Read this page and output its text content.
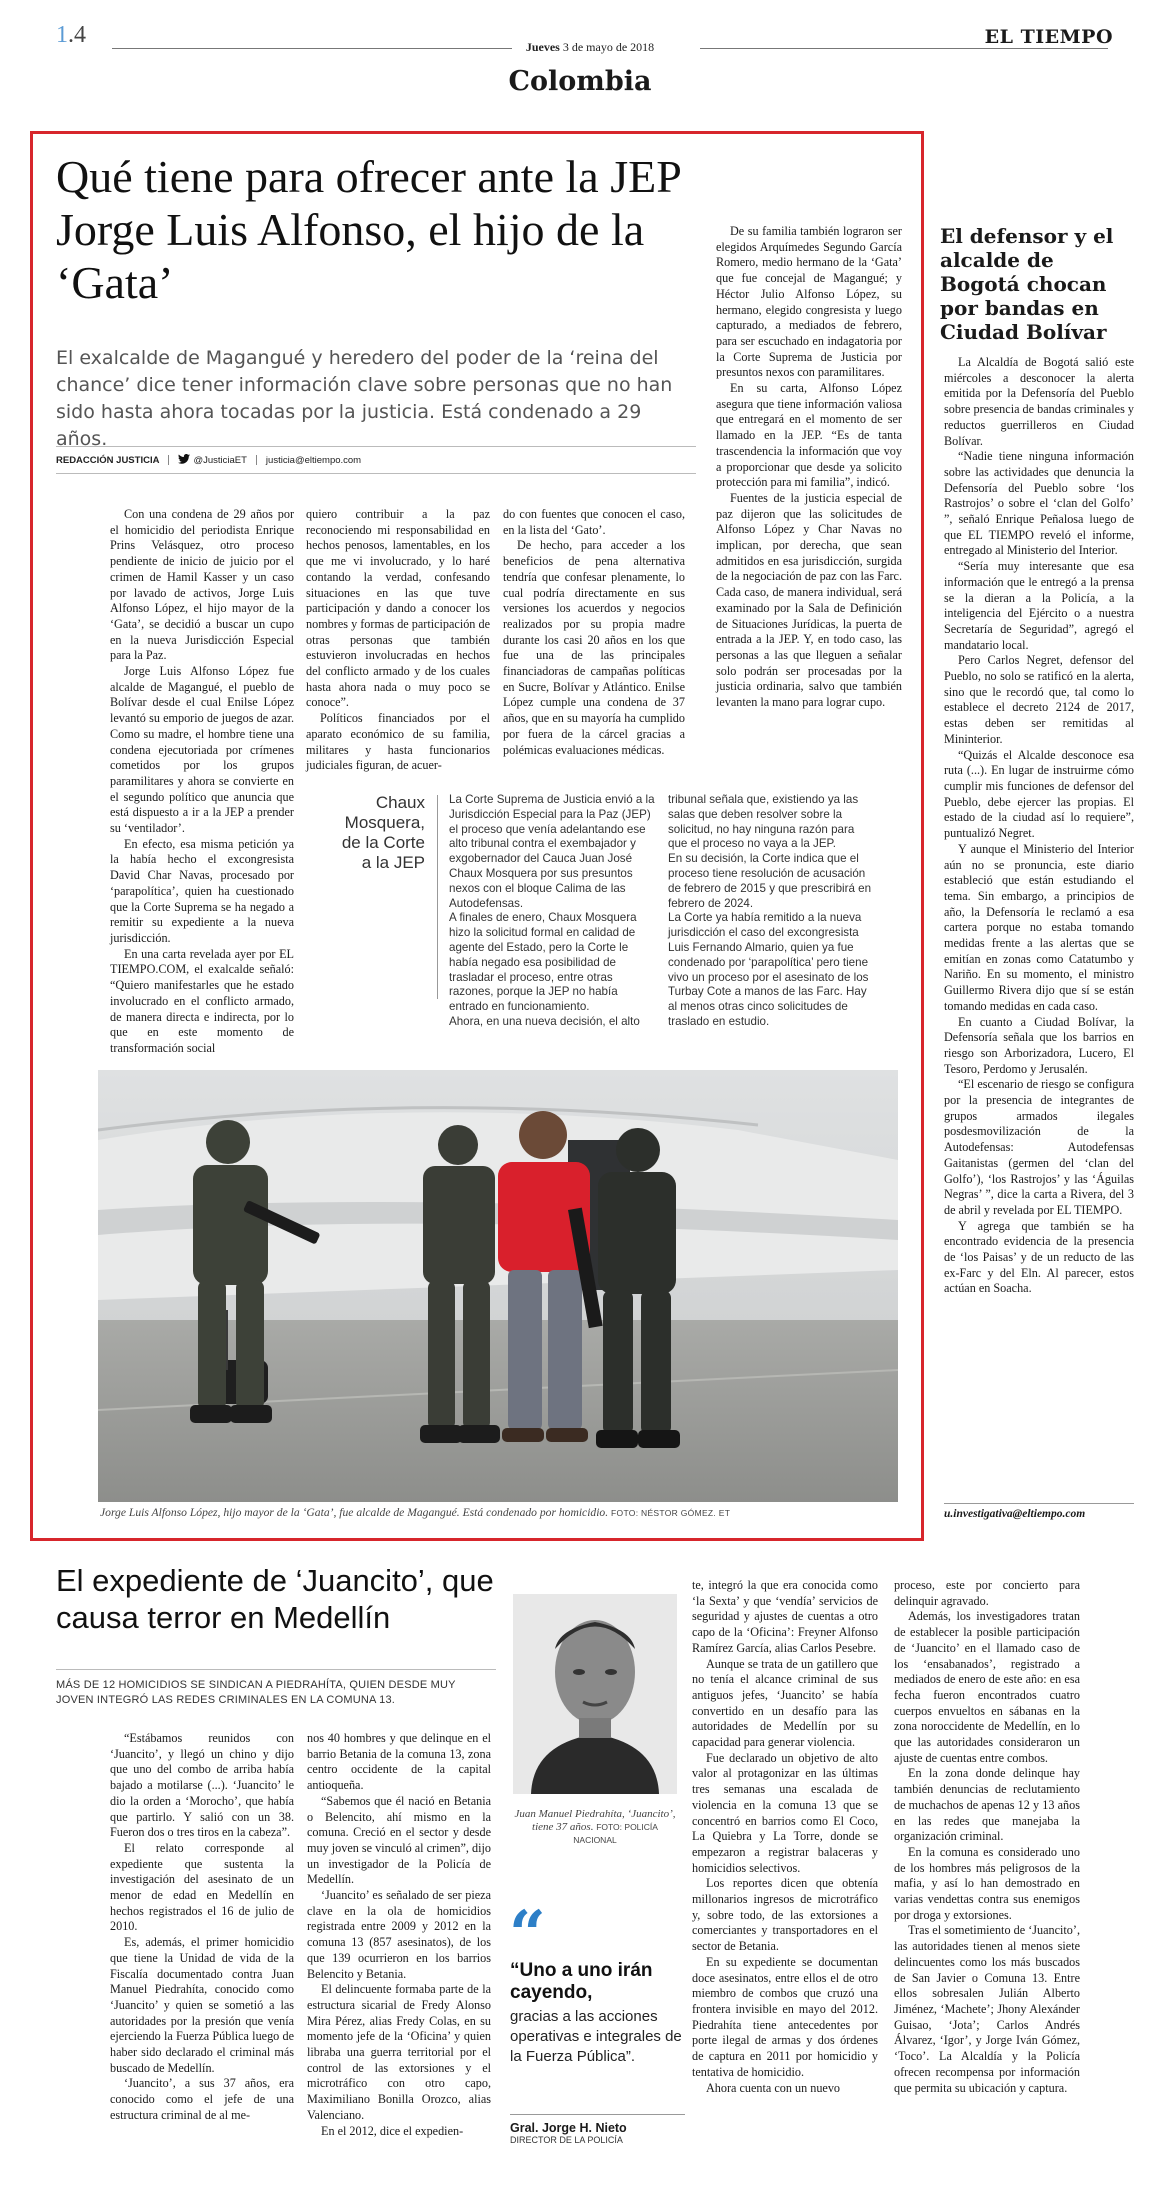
1.4	Jueves 3 de mayo de 2018	EL TIEMPO
Colombia
Qué tiene para ofrecer ante la JEP Jorge Luis Alfonso, el hijo de la ‘Gata’
El exalcalde de Magangué y heredero del poder de la ‘reina del chance’ dice tener información clave sobre personas que no han sido hasta ahora tocadas por la justicia. Está condenado a 29 años.
REDACCIÓN JUSTICIA	@JusticiaET justicia@eltiempo.com

Con una condena de 29 años por el homicidio del periodista Enrique Prins Velásquez, otro proceso pendiente de inicio de juicio por el crimen de Hamil Kasser y un caso por lavado de activos, Jorge Luis Alfonso López, el hijo mayor de la ‘Gata’, se decidió a buscar un cupo en la nueva Jurisdicción Especial para la Paz.

Jorge Luis Alfonso López fue alcalde de Magangué, el pueblo de Bolívar desde el cual Enilse López levantó su emporio de juegos de azar. Como su madre, el hombre tiene una condena ejecutoriada por crímenes cometidos por los grupos paramilitares y ahora se convierte en el segundo político que anuncia que está dispuesto a ir a la JEP a prender su ‘ventilador’.

En efecto, esa misma petición ya la había hecho el excongresista David Char Navas, procesado por ‘parapolítica’, quien ha cuestionado que la Corte Suprema se ha negado a remitir su expediente a la nueva jurisdicción.

En una carta revelada ayer por EL TIEMPO.COM, el exalcalde señaló: “Quiero manifestarles que he estado involucrado en el conflicto armado, de manera directa e indirecta, por lo que en este momento de transformación social

quiero contribuir a la paz reconociendo mi responsabilidad en hechos penosos, lamentables, en los que me vi involucrado, y lo haré contando la verdad, confesando situaciones en las que tuve participación y dando a conocer los nombres y formas de participación de otras personas que también estuvieron involucradas en hechos del conflicto armado y de los cuales hasta ahora nada o muy poco se conoce”.

Políticos financiados por el aparato económico de su familia, militares y hasta funcionarios judiciales figuran, de acuer-

do con fuentes que conocen el caso, en la lista del ‘Gato’.

De hecho, para acceder a los beneficios de pena alternativa tendría que confesar plenamente, lo cual podría directamente en sus versiones los acuerdos y negocios realizados por su propia madre durante los casi 20 años en los que fue una de las principales financiadoras de campañas políticas en Sucre, Bolívar y Atlántico. Enilse López cumple una condena de 37 años, que en su mayoría ha cumplido por fuera de la cárcel gracias a polémicas evaluaciones médicas.

De su familia también lograron ser elegidos Arquímedes Segundo García Romero, medio hermano de la ‘Gata’ que fue concejal de Magangué; y Héctor Julio Alfonso López, su hermano, elegido congresista y luego capturado, a mediados de febrero, para ser escuchado en indagatoria por la Corte Suprema de Justicia por presuntos nexos con paramilitares.

En su carta, Alfonso López asegura que tiene información valiosa que entregará en el momento de ser llamado en la JEP. “Es de tanta trascendencia la información que voy a proporcionar que desde ya solicito protección para mi familia”, indicó.

Fuentes de la justicia especial de paz dijeron que las solicitudes de Alfonso López y Char Navas no implican, por derecha, que sean admitidos en esa jurisdicción, surgida de la negociación de paz con las Farc. Cada caso, de manera individual, será examinado por la Sala de Definición de Situaciones Jurídicas, la puerta de entrada a la JEP. Y, en todo caso, las personas a las que lleguen a señalar solo podrán ser procesadas por la justicia ordinaria, salvo que también levanten la mano para lograr cupo.

Chaux Mosquera, de la Corte a la JEP

La Corte Suprema de Justicia envió a la Jurisdicción Especial para la Paz (JEP) el proceso que venía adelantando ese alto tribunal contra el exembajador y exgobernador del Cauca Juan José Chaux Mosquera por sus presuntos nexos con el bloque Calima de las Autodefensas.

A finales de enero, Chaux Mosquera hizo la solicitud formal en calidad de agente del Estado, pero la Corte le había negado esa posibilidad de trasladar el proceso, entre otras razones, porque la JEP no había entrado en funcionamiento.

Ahora, en una nueva decisión, el alto

tribunal señala que, existiendo ya las salas que deben resolver sobre la solicitud, no hay ninguna razón para que el proceso no vaya a la JEP.

En su decisión, la Corte indica que el proceso tiene resolución de acusación de febrero de 2015 y que prescribirá en febrero de 2024.

La Corte ya había remitido a la nueva jurisdicción el caso del excongresista Luis Fernando Almario, quien ya fue condenado por ‘parapolítica’ pero tiene vivo un proceso por el asesinato de los Turbay Cote a manos de las Farc. Hay al menos otras cinco solicitudes de traslado en estudio.

Jorge Luis Alfonso López, hijo mayor de la ‘Gata’, fue alcalde de Magangué. Está condenado por homicidio. FOTO: NÉSTOR GÓMEZ. ET
El defensor y el alcalde de Bogotá chocan por bandas en Ciudad Bolívar

La Alcaldía de Bogotá salió este miércoles a desconocer la alerta emitida por la Defensoría del Pueblo sobre presencia de bandas criminales y reductos guerrilleros en Ciudad Bolívar.

“Nadie tiene ninguna información sobre las actividades que denuncia la Defensoría del Pueblo sobre ‘los Rastrojos’ o sobre el ‘clan del Golfo’ ”, señaló Enrique Peñalosa luego de que EL TIEMPO reveló el informe, entregado al Ministerio del Interior.

“Sería muy interesante que esa información que le entregó a la prensa se la dieran a la Policía, a la inteligencia del Ejército o a nuestra Secretaría de Seguridad”, agregó el mandatario local.

Pero Carlos Negret, defensor del Pueblo, no solo se ratificó en la alerta, sino que le recordó que, tal como lo establece el decreto 2124 de 2017, estas deben ser remitidas al Mininterior.

“Quizás el Alcalde desconoce esa ruta (...). En lugar de instruirme cómo cumplir mis funciones de defensor del Pueblo, debe ejercer las propias. El estado de la ciudad así lo requiere”, puntualizó Negret.

Y aunque el Ministerio del Interior aún no se pronuncia, este diario estableció que están estudiando el tema. Sin embargo, a principios de año, la Defensoría le reclamó a esa cartera porque no estaba tomando medidas frente a las alertas que se emitían en zonas como Catatumbo y Nariño. En su momento, el ministro Guillermo Rivera dijo que sí se están tomando medidas en cada caso.

En cuanto a Ciudad Bolívar, la Defensoría señala que los barrios en riesgo son Arborizadora, Lucero, El Tesoro, Perdomo y Jerusalén.

“El escenario de riesgo se configura por la presencia de integrantes de grupos armados ilegales posdesmovilización de la Autodefensas: Autodefensas Gaitanistas (germen del ‘clan del Golfo’), ‘los Rastrojos’ y las ‘Águilas Negras’ ”, dice la carta a Rivera, del 3 de abril y revelada por EL TIEMPO.

Y agrega que también se ha encontrado evidencia de la presencia de ‘los Paisas’ y de un reducto de las ex-Farc y del Eln. Al parecer, estos actúan en Soacha.

u.investigativa@eltiempo.com
El expediente de ‘Juancito’, que causa terror en Medellín
MÁS DE 12 HOMICIDIOS SE SINDICAN A PIEDRAHÍTA, QUIEN DESDE MUY JOVEN INTEGRÓ LAS REDES CRIMINALES EN LA COMUNA 13.

“Estábamos reunidos con ‘Juancito’, y llegó un chino y dijo que uno del combo de arriba había bajado a motilarse (...). ‘Juancito’ le dio la orden a ‘Morocho’, que había que partirlo. Y salió con un 38. Fueron dos o tres tiros en la cabeza”.

El relato corresponde al expediente que sustenta la investigación del asesinato de un menor de edad en Medellín en hechos registrados el 16 de julio de 2010.

Es, además, el primer homicidio que tiene la Unidad de vida de la Fiscalía documentado contra Juan Manuel Piedrahíta, conocido como ‘Juancito’ y quien se sometió a las autoridades por la presión que venía ejerciendo la Fuerza Pública luego de haber sido declarado el criminal más buscado de Medellín.

‘Juancito’, a sus 37 años, era conocido como el jefe de una estructura criminal de al me-

nos 40 hombres y que delinque en el barrio Betania de la comuna 13, zona centro occidente de la capital antioqueña.

“Sabemos que él nació en Betania o Belencito, ahí mismo en la comuna. Creció en el sector y desde muy joven se vinculó al crimen”, dijo un investigador de la Policía de Medellín.

‘Juancito’ es señalado de ser pieza clave en la ola de homicidios registrada entre 2009 y 2012 en la comuna 13 (857 asesinatos), de los que 139 ocurrieron en los barrios Belencito y Betania.

El delincuente formaba parte de la estructura sicarial de Fredy Alonso Mira Pérez, alias Fredy Colas, en su momento jefe de la ‘Oficina’ y quien libraba una guerra territorial por el control de las extorsiones y el microtráfico con otro capo, Maximiliano Bonilla Orozco, alias Valenciano.

En el 2012, dice el expedien-

Juan Manuel Piedrahíta, ‘Juancito’, tiene 37 años. FOTO: POLICÍA NACIONAL
“
“Uno a uno irán cayendo,
gracias a las acciones operativas e integrales de la Fuerza Pública”.
Gral. Jorge H. Nieto
DIRECTOR DE LA POLICÍA

te, integró la que era conocida como ‘la Sexta’ y que ‘vendía’ servicios de seguridad y ajustes de cuentas a otro capo de la ‘Oficina’: Freyner Alfonso Ramírez García, alias Carlos Pesebre.

Aunque se trata de un gatillero que no tenía el alcance criminal de sus antiguos jefes, ‘Juancito’ se había convertido en un desafío para las autoridades de Medellín por su capacidad para generar violencia.

Fue declarado un objetivo de alto valor al protagonizar en las últimas tres semanas una escalada de violencia en la comuna 13 que se concentró en barrios como El Coco, La Quiebra y La Torre, donde se empezaron a registrar balaceras y homicidios selectivos.

Los reportes dicen que obtenía millonarios ingresos de microtráfico y, sobre todo, de las extorsiones a comerciantes y transportadores en el sector de Betania.

En su expediente se documentan doce asesinatos, entre ellos el de otro miembro de combos que cruzó una frontera invisible en mayo del 2012. Piedrahíta tiene antecedentes por porte ilegal de armas y dos órdenes de captura en 2011 por homicidio y tentativa de homicidio.

Ahora cuenta con un nuevo

proceso, este por concierto para delinquir agravado.

Además, los investigadores tratan de establecer la posible participación de ‘Juancito’ en el llamado caso de los ‘ensabanados’, registrado a mediados de enero de este año: en esa fecha fueron encontrados cuatro cuerpos envueltos en sábanas en la zona noroccidente de Medellín, en lo que las autoridades consideraron un ajuste de cuentas entre combos.

En la zona donde delinque hay también denuncias de reclutamiento de muchachos de apenas 12 y 13 años en las redes que manejaba la organización criminal.

En la comuna es considerado uno de los hombres más peligrosos de la mafia, y así lo han demostrado en varias vendettas contra sus enemigos por droga y extorsiones.

Tras el sometimiento de ‘Juancito’, las autoridades tienen al menos siete delincuentes como los más buscados de San Javier o Comuna 13. Entre ellos sobresalen Julián Alberto Jiménez, ‘Machete’; Jhony Alexánder Guisao, ‘Jota’; Carlos Andrés Álvarez, ‘Igor’, y Jorge Iván Gómez, ‘Toco’. La Alcaldía y la Policía ofrecen recompensa por información que permita su ubicación y captura.
